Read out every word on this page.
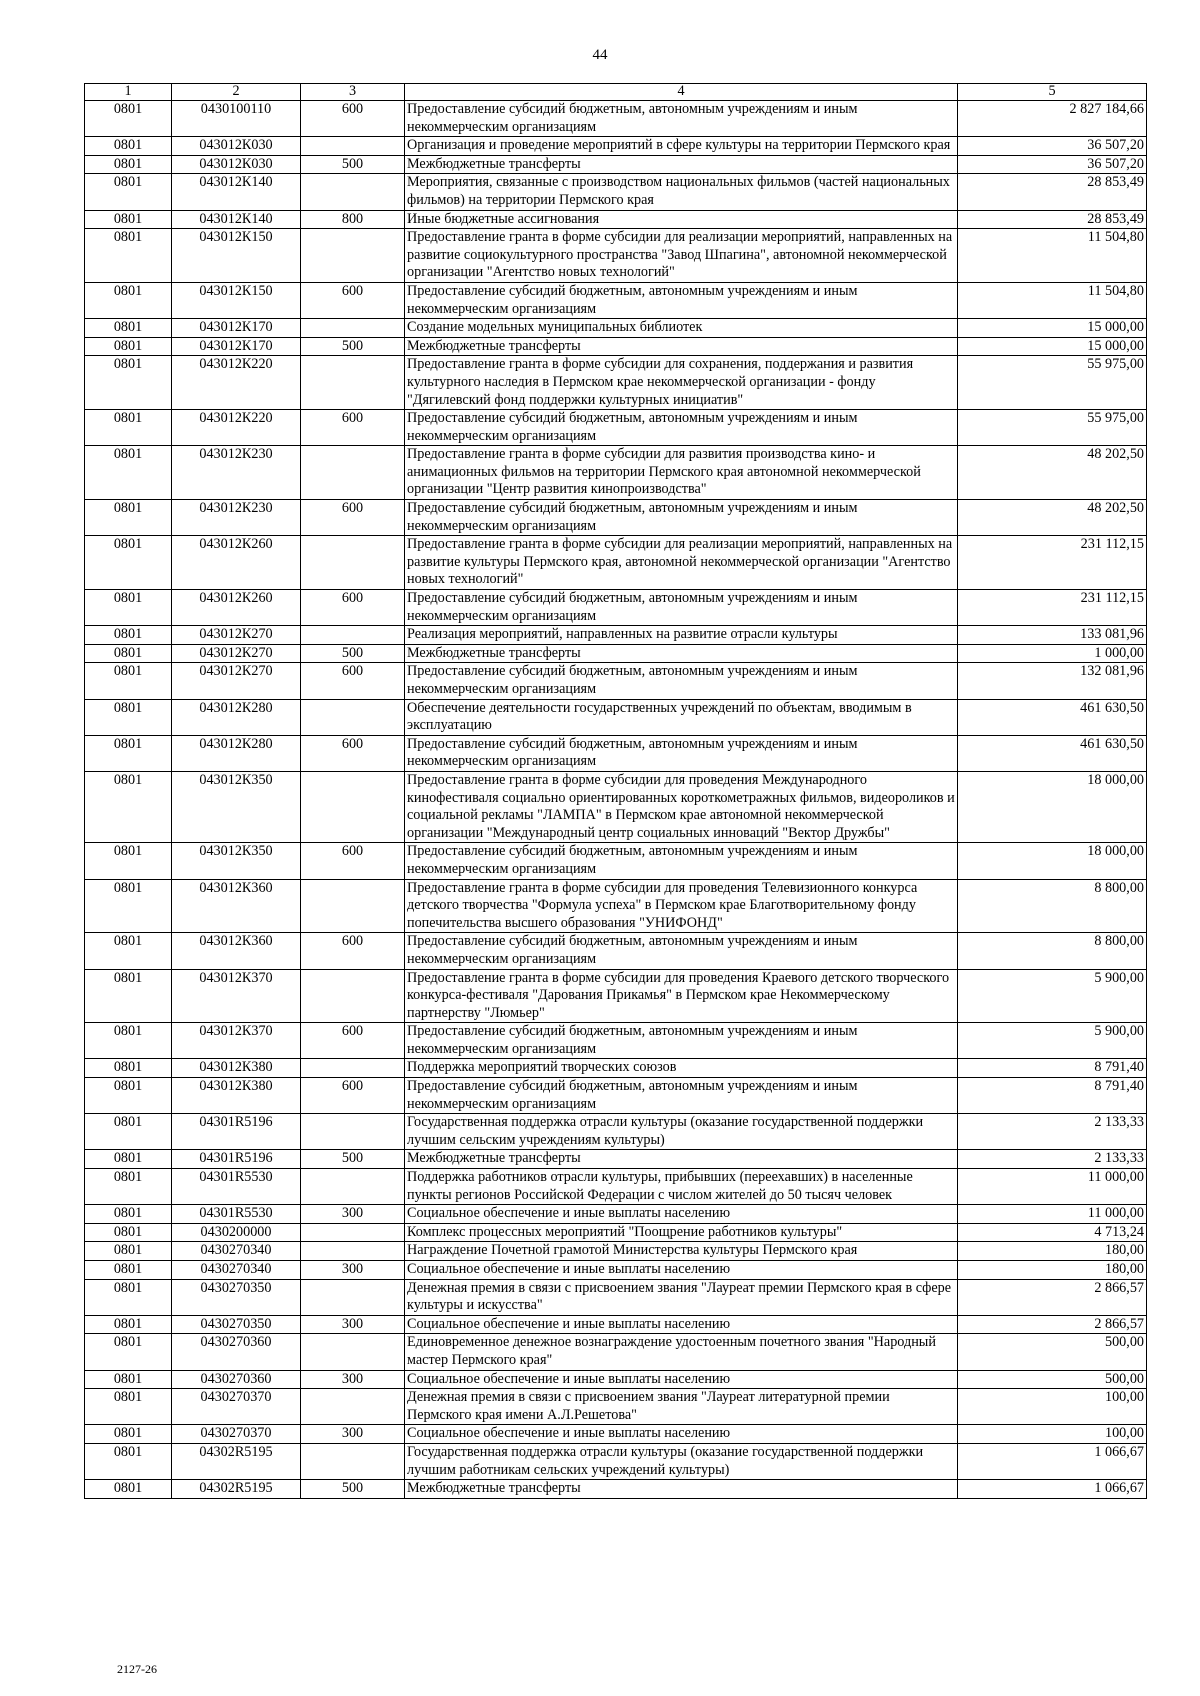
44
1	2	3	4	5
0801	0430100110	600	Предоставление субсидий бюджетным, автономным учреждениям и иным некоммерческим организациям	2 827 184,66
0801	043012К030		Организация и проведение мероприятий в сфере культуры на территории Пермского края	36 507,20
0801	043012К030	500	Межбюджетные трансферты	36 507,20
0801	043012К140		Мероприятия, связанные с производством национальных фильмов (частей национальных фильмов) на территории Пермского края	28 853,49
0801	043012К140	800	Иные бюджетные ассигнования	28 853,49
0801	043012К150		Предоставление гранта в форме субсидии для реализации мероприятий, направленных на развитие социокультурного пространства "Завод Шпагина", автономной некоммерческой организации "Агентство новых технологий"	11 504,80
0801	043012К150	600	Предоставление субсидий бюджетным, автономным учреждениям и иным некоммерческим организациям	11 504,80
0801	043012К170		Создание модельных муниципальных библиотек	15 000,00
0801	043012К170	500	Межбюджетные трансферты	15 000,00
0801	043012К220		Предоставление гранта в форме субсидии для сохранения, поддержания и развития культурного наследия в Пермском крае некоммерческой организации - фонду "Дягилевский фонд поддержки культурных инициатив"	55 975,00
0801	043012К220	600	Предоставление субсидий бюджетным, автономным учреждениям и иным некоммерческим организациям	55 975,00
0801	043012К230		Предоставление гранта в форме субсидии для развития производства кино- и анимационных фильмов на территории Пермского края автономной некоммерческой организации "Центр развития кинопроизводства"	48 202,50
0801	043012К230	600	Предоставление субсидий бюджетным, автономным учреждениям и иным некоммерческим организациям	48 202,50
0801	043012К260		Предоставление гранта в форме субсидии для реализации мероприятий, направленных на развитие культуры Пермского края, автономной некоммерческой организации "Агентство новых технологий"	231 112,15
0801	043012К260	600	Предоставление субсидий бюджетным, автономным учреждениям и иным некоммерческим организациям	231 112,15
0801	043012К270		Реализация мероприятий, направленных на развитие отрасли культуры	133 081,96
0801	043012К270	500	Межбюджетные трансферты	1 000,00
0801	043012К270	600	Предоставление субсидий бюджетным, автономным учреждениям и иным некоммерческим организациям	132 081,96
0801	043012К280		Обеспечение деятельности государственных учреждений по объектам, вводимым в эксплуатацию	461 630,50
0801	043012К280	600	Предоставление субсидий бюджетным, автономным учреждениям и иным некоммерческим организациям	461 630,50
0801	043012К350		Предоставление гранта в форме субсидии для проведения Международного кинофестиваля социально ориентированных короткометражных фильмов, видеороликов и социальной рекламы "ЛАМПА" в Пермском крае автономной некоммерческой организации "Международный центр социальных инноваций "Вектор Дружбы"	18 000,00
0801	043012К350	600	Предоставление субсидий бюджетным, автономным учреждениям и иным некоммерческим организациям	18 000,00
0801	043012К360		Предоставление гранта в форме субсидии для проведения Телевизионного конкурса детского творчества "Формула успеха" в Пермском крае Благотворительному фонду попечительства высшего образования "УНИФОНД"	8 800,00
0801	043012К360	600	Предоставление субсидий бюджетным, автономным учреждениям и иным некоммерческим организациям	8 800,00
0801	043012К370		Предоставление гранта в форме субсидии для проведения Краевого детского творческого конкурса-фестиваля "Дарования Прикамья" в Пермском крае Некоммерческому партнерству "Люмьер"	5 900,00
0801	043012К370	600	Предоставление субсидий бюджетным, автономным учреждениям и иным некоммерческим организациям	5 900,00
0801	043012К380		Поддержка мероприятий творческих союзов	8 791,40
0801	043012К380	600	Предоставление субсидий бюджетным, автономным учреждениям и иным некоммерческим организациям	8 791,40
0801	04301R5196		Государственная поддержка отрасли культуры (оказание государственной поддержки лучшим сельским учреждениям культуры)	2 133,33
0801	04301R5196	500	Межбюджетные трансферты	2 133,33
0801	04301R5530		Поддержка работников отрасли культуры, прибывших (переехавших) в населенные пункты регионов Российской Федерации с числом жителей до 50 тысяч человек	11 000,00
0801	04301R5530	300	Социальное обеспечение и иные выплаты населению	11 000,00
0801	0430200000		Комплекс процессных мероприятий "Поощрение работников культуры"	4 713,24
0801	0430270340		Награждение Почетной грамотой Министерства культуры Пермского края	180,00
0801	0430270340	300	Социальное обеспечение и иные выплаты населению	180,00
0801	0430270350		Денежная премия в связи с присвоением звания "Лауреат премии Пермского края в сфере культуры и искусства"	2 866,57
0801	0430270350	300	Социальное обеспечение и иные выплаты населению	2 866,57
0801	0430270360		Единовременное денежное вознаграждение удостоенным почетного звания "Народный мастер Пермского края"	500,00
0801	0430270360	300	Социальное обеспечение и иные выплаты населению	500,00
0801	0430270370		Денежная премия в связи с присвоением звания "Лауреат литературной премии Пермского края имени А.Л.Решетова"	100,00
0801	0430270370	300	Социальное обеспечение и иные выплаты населению	100,00
0801	04302R5195		Государственная поддержка отрасли культуры (оказание государственной поддержки лучшим работникам сельских учреждений культуры)	1 066,67
0801	04302R5195	500	Межбюджетные трансферты	1 066,67
2127-26
